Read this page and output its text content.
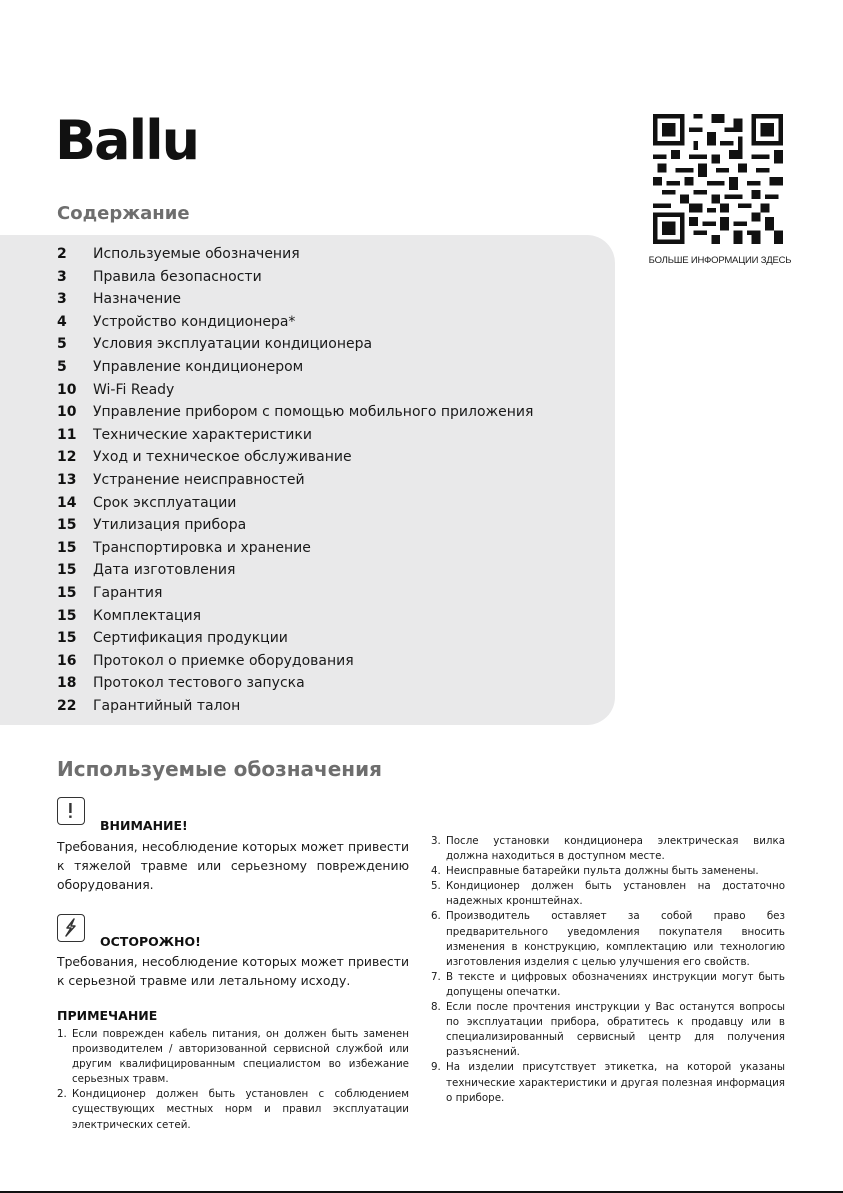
Ballu
БОЛЬШЕ ИНФОРМАЦИИ ЗДЕСЬ
Содержание
2	Используемые обозначения
3	Правила безопасности
3	Назначение
4	Устройство кондиционера*
5	Условия эксплуатации кондиционера
5	Управление кондиционером
10	Wi-Fi Ready
10	Управление прибором с помощью мобильного приложения
11	Технические характеристики
12	Уход и техническое обслуживание
13	Устранение неисправностей
14	Срок эксплуатации
15	Утилизация прибора
15	Транспортировка и хранение
15	Дата изготовления
15	Гарантия
15	Комплектация
15	Сертификация продукции
16	Протокол о приемке оборудования
18	Протокол тестового запуска
22	Гарантийный талон
Используемые обозначения
ВНИМАНИЕ!

Требования, несоблюдение которых может привести к тяжелой травме или серьезному повреждению оборудования.

ОСТОРОЖНО!

Требования, несоблюдение которых может привести к серьезной травме или летальному исходу.

ПРИМЕЧАНИЕ
1. Если поврежден кабель питания, он должен быть заменен производителем / авторизованной сервисной службой или другим квалифицированным специалистом во избежание серьезных травм.
2. Кондиционер должен быть установлен с соблюдением существующих местных норм и правил эксплуатации электрических сетей.
3. После установки кондиционера электрическая вилка должна находиться в доступном месте.
4. Неисправные батарейки пульта должны быть заменены.
5. Кондиционер должен быть установлен на достаточно надежных кронштейнах.
6. Производитель оставляет за собой право без предварительного уведомления покупателя вносить изменения в конструкцию, комплектацию или технологию изготовления изделия с целью улучшения его свойств.
7. В тексте и цифровых обозначениях инструкции могут быть допущены опечатки.
8. Если после прочтения инструкции у Вас останутся вопросы по эксплуатации прибора, обратитесь к продавцу или в специализированный сервисный центр для получения разъяснений.
9. На изделии присутствует этикетка, на которой указаны технические характеристики и другая полезная информация о приборе.
